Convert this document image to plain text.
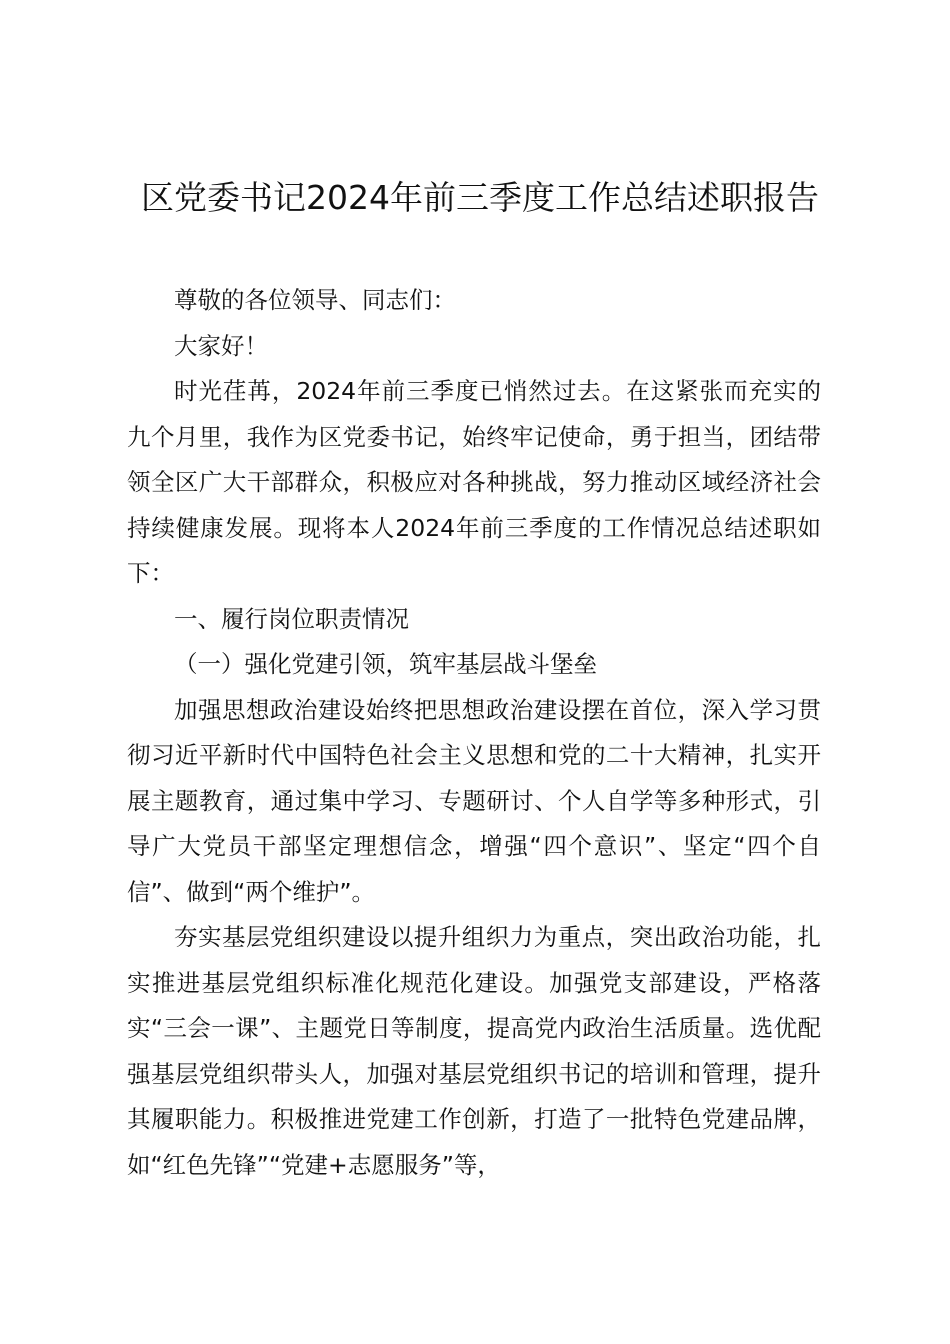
区党委书记2024年前三季度工作总结述职报告

尊敬的各位领导、同志们：

大家好！

时光荏苒，2024年前三季度已悄然过去。在这紧张而充实的九个月里，我作为区党委书记，始终牢记使命，勇于担当，团结带领全区广大干部群众，积极应对各种挑战，努力推动区域经济社会持续健康发展。现将本人2024年前三季度的工作情况总结述职如下：

一、履行岗位职责情况

（一）强化党建引领，筑牢基层战斗堡垒

加强思想政治建设始终把思想政治建设摆在首位，深入学习贯彻习近平新时代中国特色社会主义思想和党的二十大精神，扎实开展主题教育，通过集中学习、专题研讨、个人自学等多种形式，引导广大党员干部坚定理想信念，增强“四个意识”、坚定“四个自信”、做到“两个维护”。

夯实基层党组织建设以提升组织力为重点，突出政治功能，扎实推进基层党组织标准化规范化建设。加强党支部建设，严格落实“三会一课”、主题党日等制度，提高党内政治生活质量。选优配强基层党组织带头人，加强对基层党组织书记的培训和管理，提升其履职能力。积极推进党建工作创新，打造了一批特色党建品牌，如“红色先锋”“党建+志愿服务”等，
